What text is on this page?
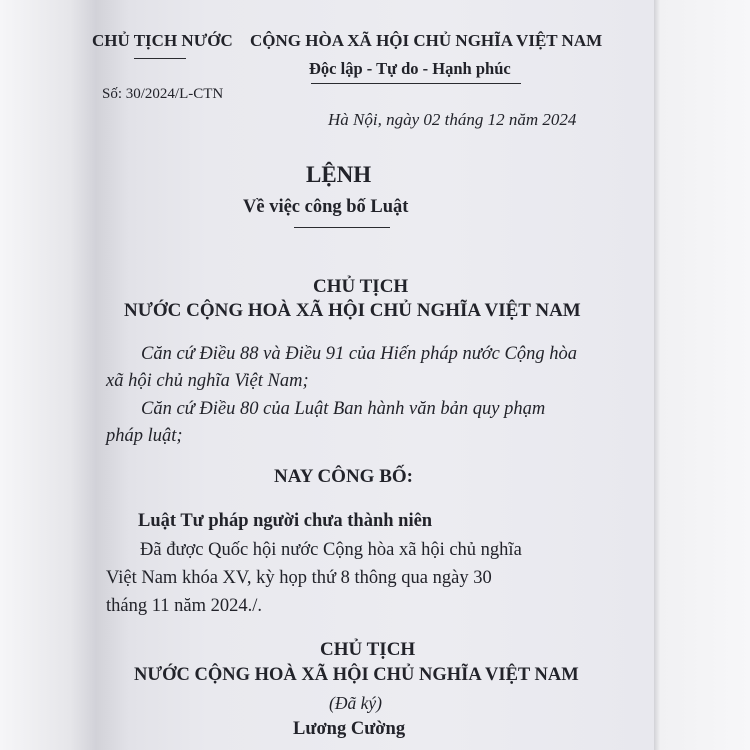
CHỦ TỊCH NƯỚC CỘNG HÒA XÃ HỘI CHỦ NGHĨA VIỆT NAM
Độc lập - Tự do - Hạnh phúc
Số: 30/2024/L-CTN
Hà Nội, ngày 02 tháng 12 năm 2024
LỆNH
Về việc công bố Luật
CHỦ TỊCH
NƯỚC CỘNG HOÀ XÃ HỘI CHỦ NGHĨA VIỆT NAM
Căn cứ Điều 88 và Điều 91 của Hiến pháp nước Cộng hòa
xã hội chủ nghĩa Việt Nam;
Căn cứ Điều 80 của Luật Ban hành văn bản quy phạm
pháp luật;
NAY CÔNG BỐ:
Luật Tư pháp người chưa thành niên
Đã được Quốc hội nước Cộng hòa xã hội chủ nghĩa
Việt Nam khóa XV, kỳ họp thứ 8 thông qua ngày 30
tháng 11 năm 2024./.
CHỦ TỊCH
NƯỚC CỘNG HOÀ XÃ HỘI CHỦ NGHĨA VIỆT NAM
(Đã ký)
Lương Cường
